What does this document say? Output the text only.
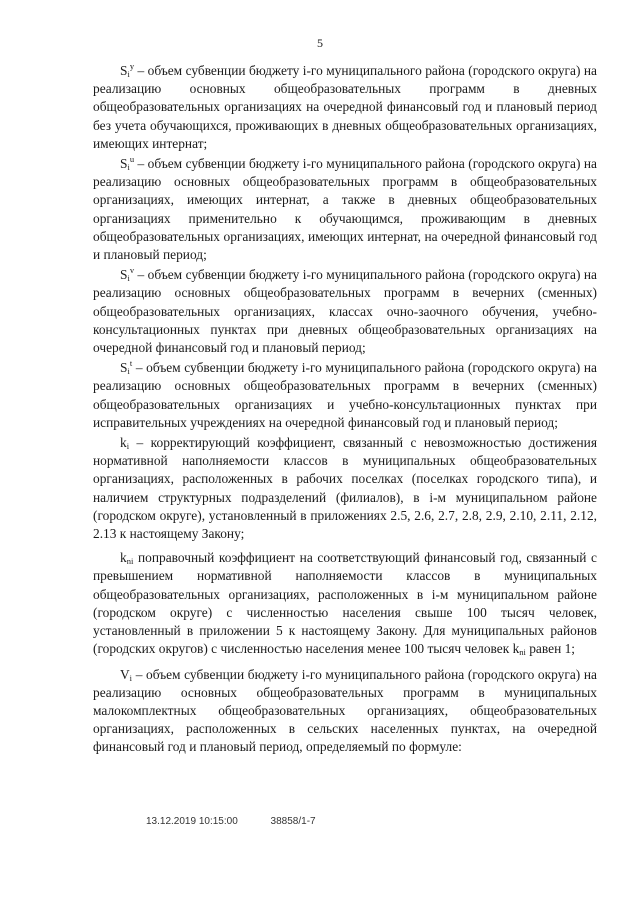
5

$S_i^y$ – объем субвенции бюджету i-го муниципального района (городского округа) на реализацию основных общеобразовательных программ в дневных общеобразовательных организациях на очередной финансовый год и плановый период без учета обучающихся, проживающих в дневных общеобразовательных организациях, имеющих интернат;

$S_i^u$ – объем субвенции бюджету i-го муниципального района (городского округа) на реализацию основных общеобразовательных программ в общеобразовательных организациях, имеющих интернат, а также в дневных общеобразовательных организациях применительно к обучающимся, проживающим в дневных общеобразовательных организациях, имеющих интернат, на очередной финансовый год и плановый период;

$S_i^v$ – объем субвенции бюджету i-го муниципального района (городского округа) на реализацию основных общеобразовательных программ в вечерних (сменных) общеобразовательных организациях, классах очно-заочного обучения, учебно-консультационных пунктах при дневных общеобразовательных организациях на очередной финансовый год и плановый период;

$S_i^t$ – объем субвенции бюджету i-го муниципального района (городского округа) на реализацию основных общеобразовательных программ в вечерних (сменных) общеобразовательных организациях и учебно-консультационных пунктах при исправительных учреждениях на очередной финансовый год и плановый период;

$k_i$ – корректирующий коэффициент, связанный с невозможностью достижения нормативной наполняемости классов в муниципальных общеобразовательных организациях, расположенных в рабочих поселках (поселках городского типа), и наличием структурных подразделений (филиалов), в i-м муниципальном районе (городском округе), установленный в приложениях 2.5, 2.6, 2.7, 2.8, 2.9, 2.10, 2.11, 2.12, 2.13 к настоящему Закону;

$k_{ni}$ поправочный коэффициент на соответствующий финансовый год, связанный с превышением нормативной наполняемости классов в муниципальных общеобразовательных организациях, расположенных в i-м муниципальном районе (городском округе) с численностью населения свыше 100 тысяч человек, установленный в приложении 5 к настоящему Закону. Для муниципальных районов (городских округов) с численностью населения менее 100 тысяч человек $k_{ni}$ равен 1;

$V_i$ – объем субвенции бюджету i-го муниципального района (городского округа) на реализацию основных общеобразовательных программ в муниципальных малокомплектных общеобразовательных организациях, общеобразовательных организациях, расположенных в сельских населенных пунктах, на очередной финансовый год и плановый период, определяемый по формуле:

13.12.2019 10:15:00	38858/1-7
